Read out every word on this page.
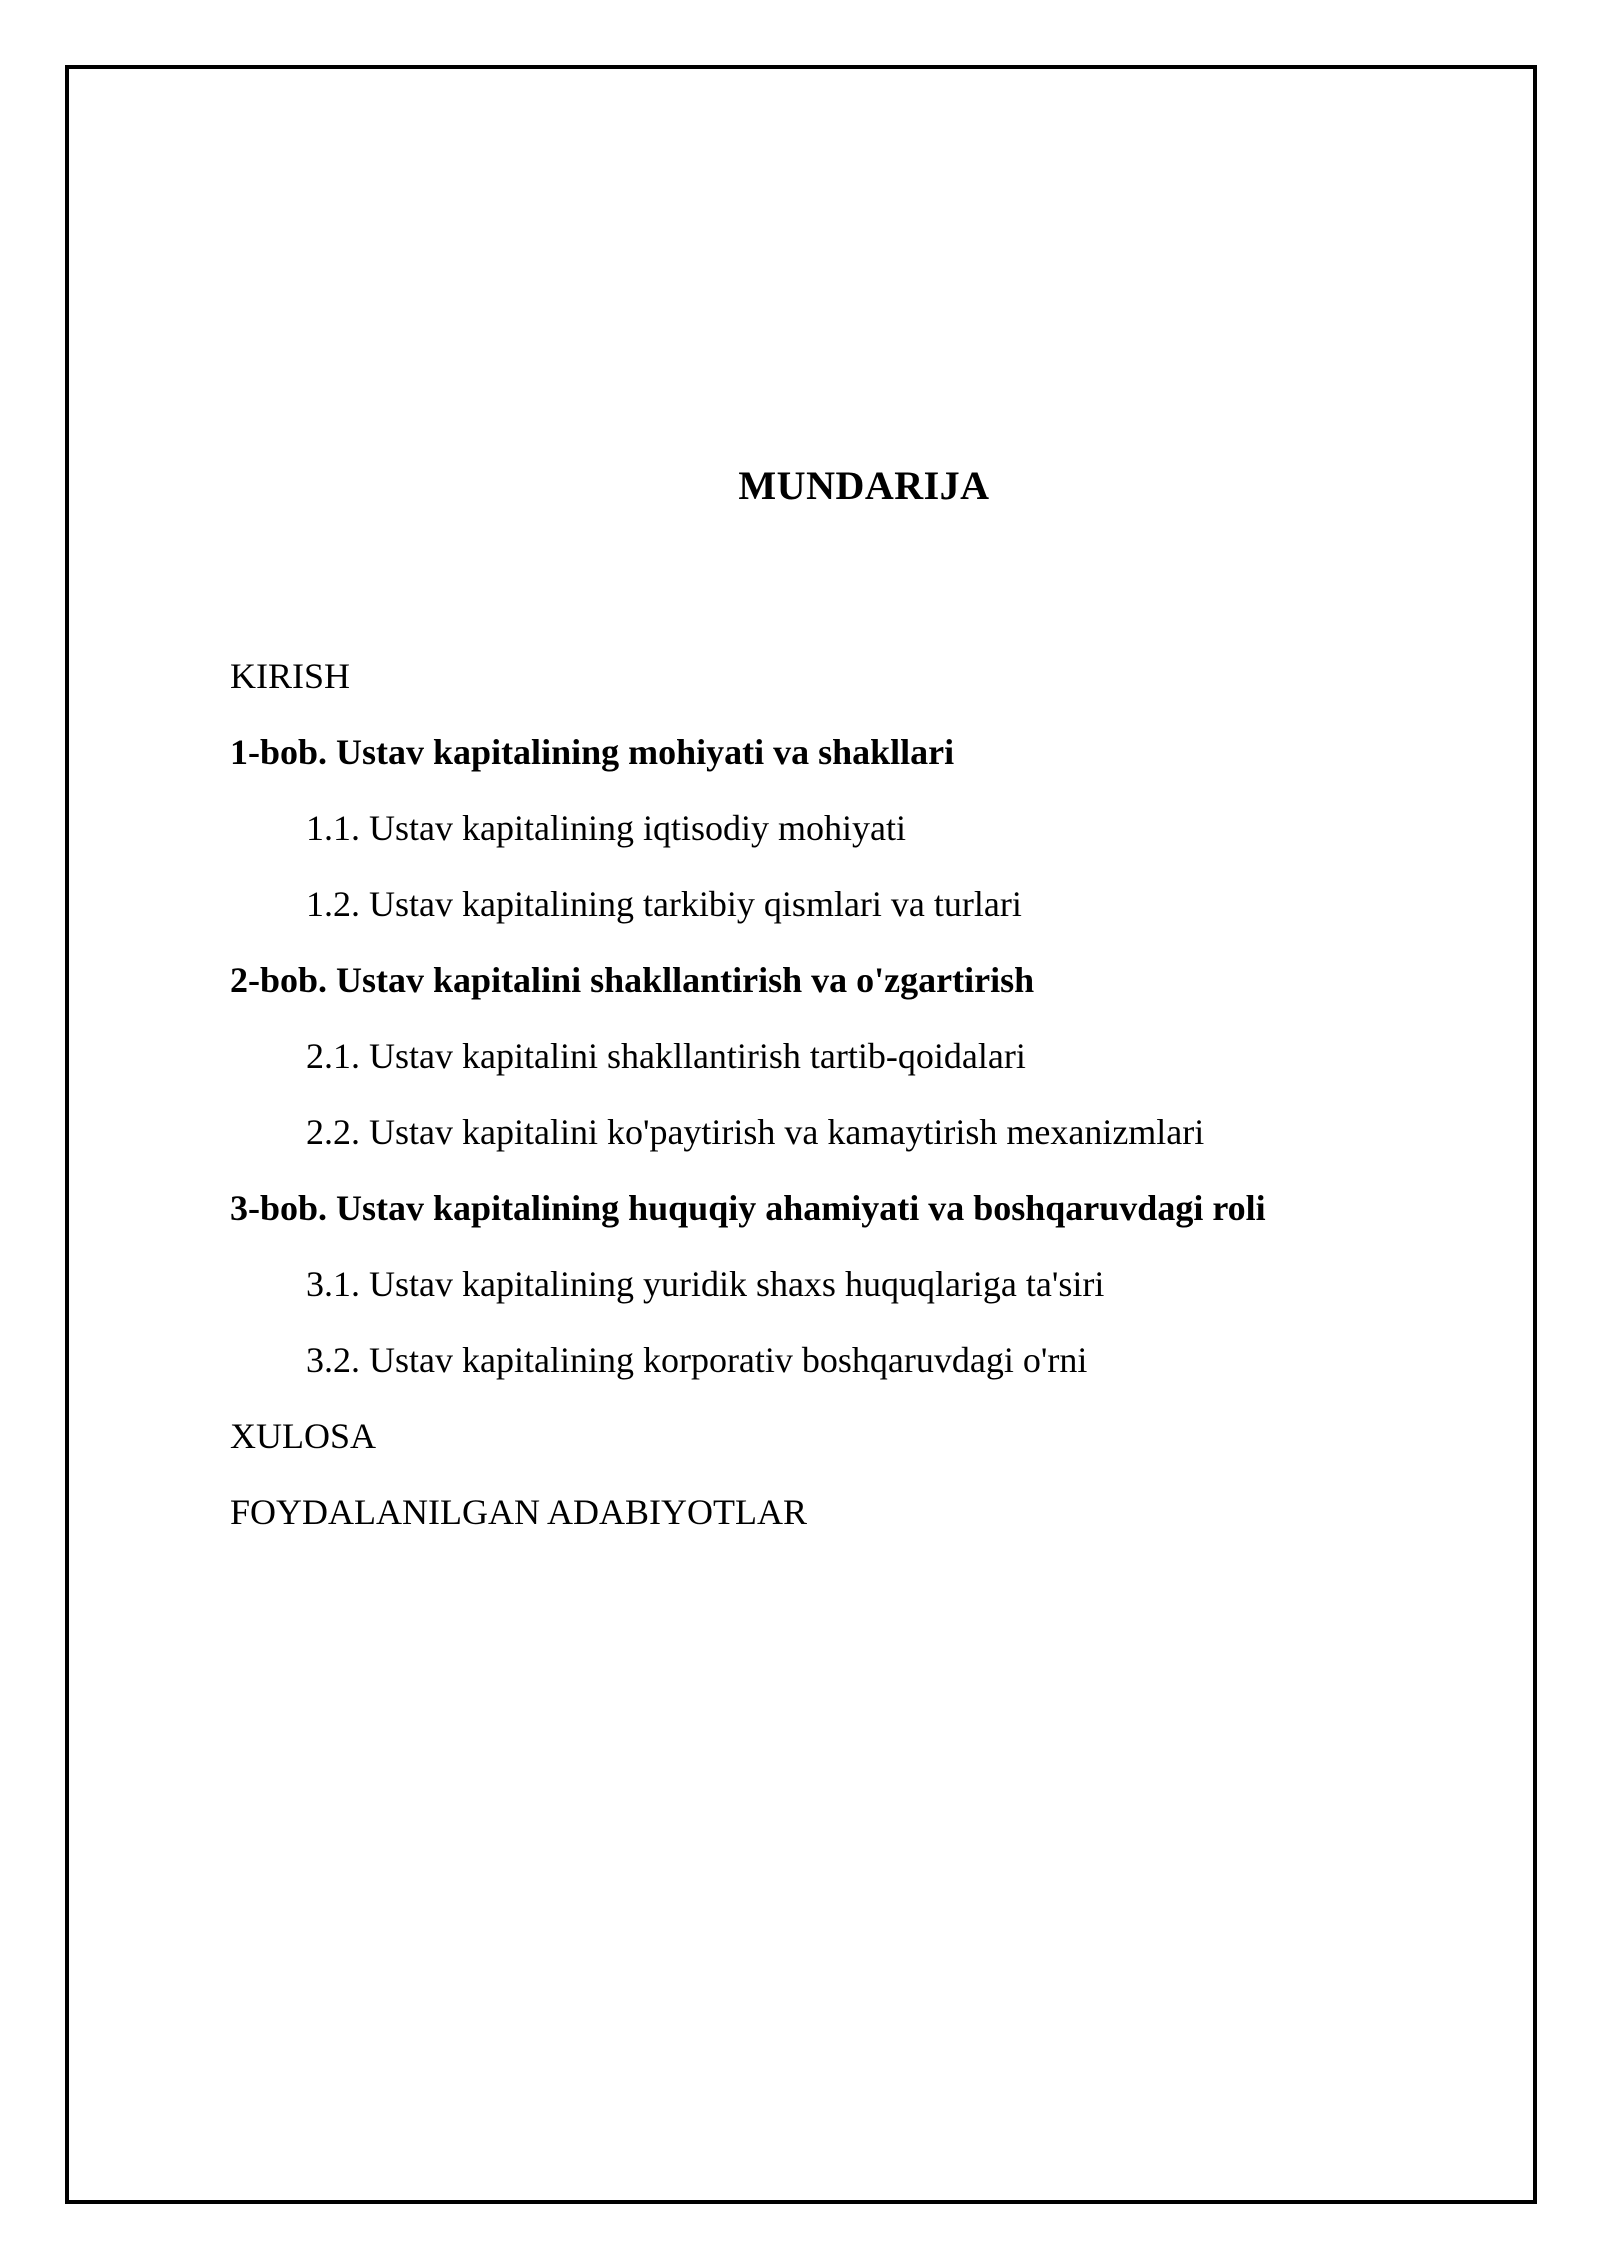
MUNDARIJA
KIRISH
1-bob. Ustav kapitalining mohiyati va shakllari
1.1. Ustav kapitalining iqtisodiy mohiyati
1.2. Ustav kapitalining tarkibiy qismlari va turlari
2-bob. Ustav kapitalini shakllantirish va o'zgartirish
2.1. Ustav kapitalini shakllantirish tartib-qoidalari
2.2. Ustav kapitalini ko'paytirish va kamaytirish mexanizmlari
3-bob. Ustav kapitalining huquqiy ahamiyati va boshqaruvdagi roli
3.1. Ustav kapitalining yuridik shaxs huquqlariga ta'siri
3.2. Ustav kapitalining korporativ boshqaruvdagi o'rni
XULOSA
FOYDALANILGAN ADABIYOTLAR
